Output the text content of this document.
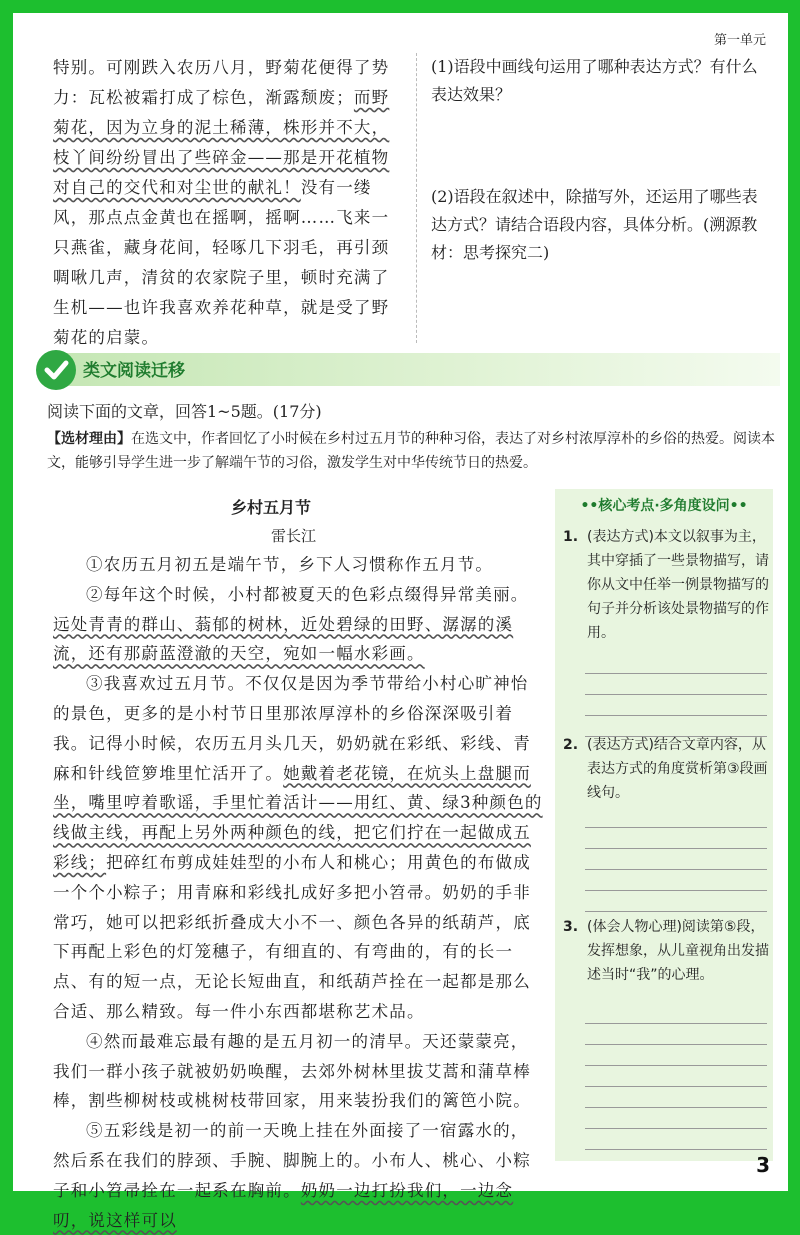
第一单元

特别。可刚跌入农历八月，野菊花便得了势力：瓦松被霜打成了棕色，渐露颓废；而野菊花，因为立身的泥土稀薄，株形并不大，枝丫间纷纷冒出了些碎金——那是开花植物对自己的交代和对尘世的献礼！没有一缕风，那点点金黄也在摇啊，摇啊……飞来一只燕雀，藏身花间，轻啄几下羽毛，再引颈啁啾几声，清贫的农家院子里，顿时充满了生机——也许我喜欢养花种草，就是受了野菊花的启蒙。

(1)语段中画线句运用了哪种表达方式？有什么表达效果？

(2)语段在叙述中，除描写外，还运用了哪些表达方式？请结合语段内容，具体分析。(溯源教材：思考探究二)

类文阅读迁移
阅读下面的文章，回答1~5题。(17分)
【选材理由】在选文中，作者回忆了小时候在乡村过五月节的种种习俗，表达了对乡村浓厚淳朴的乡俗的热爱。阅读本文，能够引导学生进一步了解端午节的习俗，激发学生对中华传统节日的热爱。
乡村五月节
雷长江

①农历五月初五是端午节，乡下人习惯称作五月节。

②每年这个时候，小村都被夏天的色彩点缀得异常美丽。远处青青的群山、蓊郁的树林，近处碧绿的田野、潺潺的溪流，还有那蔚蓝澄澈的天空，宛如一幅水彩画。

③我喜欢过五月节。不仅仅是因为季节带给小村心旷神怡的景色，更多的是小村节日里那浓厚淳朴的乡俗深深吸引着我。记得小时候，农历五月头几天，奶奶就在彩纸、彩线、青麻和针线笸箩堆里忙活开了。她戴着老花镜，在炕头上盘腿而坐，嘴里哼着歌谣，手里忙着活计——用红、黄、绿3种颜色的线做主线，再配上另外两种颜色的线，把它们拧在一起做成五彩线；把碎红布剪成娃娃型的小布人和桃心；用黄色的布做成一个个小粽子；用青麻和彩线扎成好多把小笤帚。奶奶的手非常巧，她可以把彩纸折叠成大小不一、颜色各异的纸葫芦，底下再配上彩色的灯笼穗子，有细直的、有弯曲的，有的长一点、有的短一点，无论长短曲直，和纸葫芦拴在一起都是那么合适、那么精致。每一件小东西都堪称艺术品。

④然而最难忘最有趣的是五月初一的清早。天还蒙蒙亮，我们一群小孩子就被奶奶唤醒，去郊外树林里拔艾蒿和蒲草棒棒，割些柳树枝或桃树枝带回家，用来装扮我们的篱笆小院。

⑤五彩线是初一的前一天晚上挂在外面接了一宿露水的，然后系在我们的脖颈、手腕、脚腕上的。小布人、桃心、小粽子和小笤帚拴在一起系在胸前。奶奶一边打扮我们，一边念叨，说这样可以

••核心考点·多角度设问••
1. (表达方式)本文以叙事为主，其中穿插了一些景物描写，请你从文中任举一例景物描写的句子并分析该处景物描写的作用。
2. (表达方式)结合文章内容，从表达方式的角度赏析第③段画线句。
3. (体会人物心理)阅读第⑤段，发挥想象，从儿童视角出发描述当时“我”的心理。
3
